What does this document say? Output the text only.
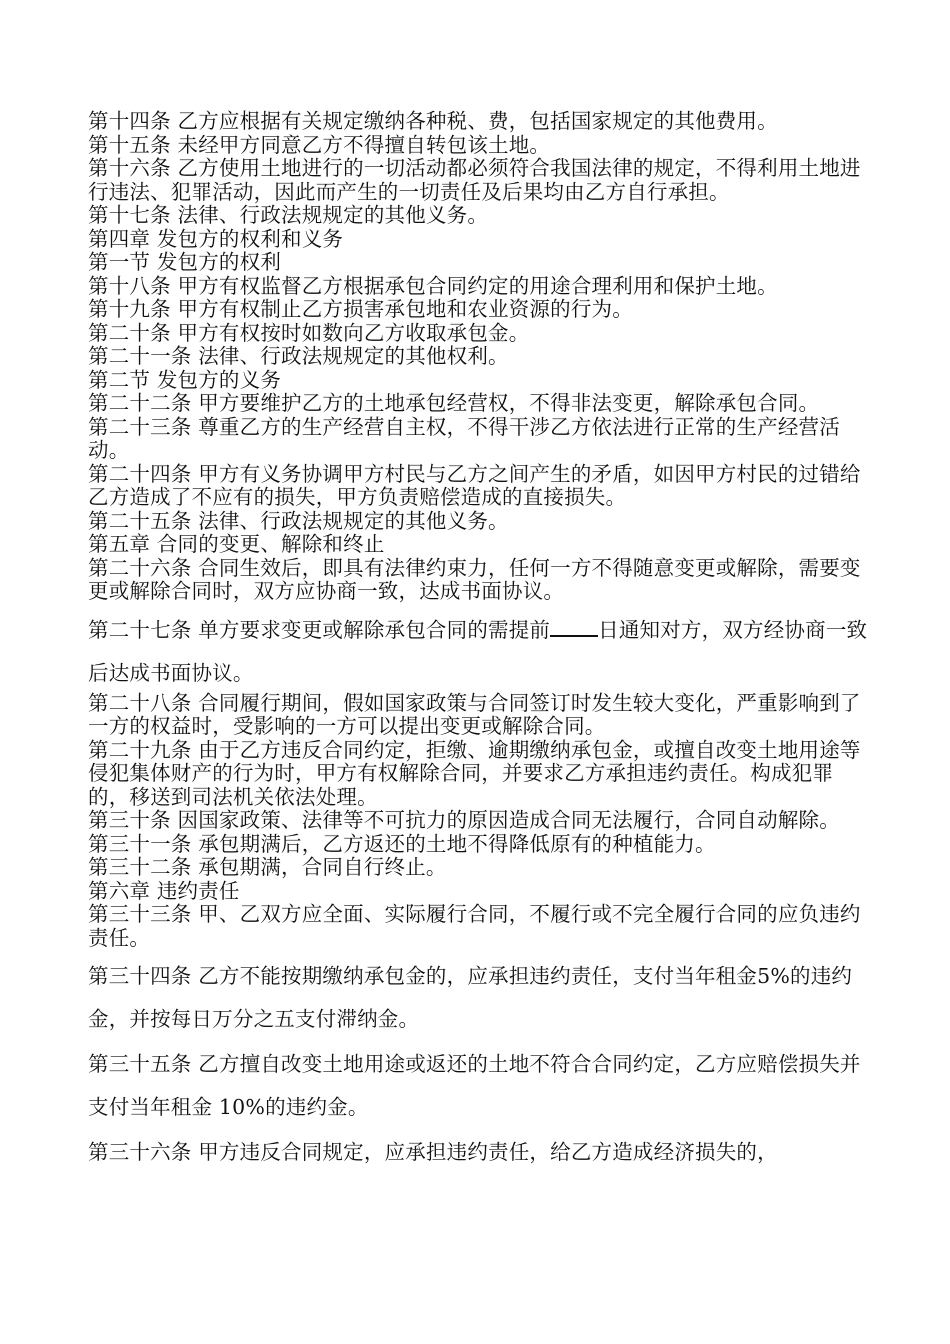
第十四条 乙方应根据有关规定缴纳各种税、费，包括国家规定的其他费用。

第十五条 未经甲方同意乙方不得擅自转包该土地。

第十六条 乙方使用土地进行的一切活动都必须符合我国法律的规定，不得利用土地进行违法、犯罪活动，因此而产生的一切责任及后果均由乙方自行承担。

第十七条 法律、行政法规规定的其他义务。

第四章 发包方的权利和义务

第一节 发包方的权利

第十八条 甲方有权监督乙方根据承包合同约定的用途合理利用和保护土地。

第十九条 甲方有权制止乙方损害承包地和农业资源的行为。

第二十条 甲方有权按时如数向乙方收取承包金。

第二十一条 法律、行政法规规定的其他权利。

第二节 发包方的义务

第二十二条 甲方要维护乙方的土地承包经营权，不得非法变更，解除承包合同。

第二十三条 尊重乙方的生产经营自主权，不得干涉乙方依法进行正常的生产经营活动。

第二十四条 甲方有义务协调甲方村民与乙方之间产生的矛盾，如因甲方村民的过错给乙方造成了不应有的损失，甲方负责赔偿造成的直接损失。

第二十五条 法律、行政法规规定的其他义务。

第五章 合同的变更、解除和终止

第二十六条 合同生效后，即具有法律约束力，任何一方不得随意变更或解除，需要变更或解除合同时，双方应协商一致，达成书面协议。

第二十七条 单方要求变更或解除承包合同的需提前 日通知对方，双方经协商一致后达成书面协议。

第二十八条 合同履行期间，假如国家政策与合同签订时发生较大变化，严重影响到了一方的权益时，受影响的一方可以提出变更或解除合同。

第二十九条 由于乙方违反合同约定，拒缴、逾期缴纳承包金，或擅自改变土地用途等侵犯集体财产的行为时，甲方有权解除合同，并要求乙方承担违约责任。构成犯罪的，移送到司法机关依法处理。

第三十条 因国家政策、法律等不可抗力的原因造成合同无法履行，合同自动解除。

第三十一条 承包期满后，乙方返还的土地不得降低原有的种植能力。

第三十二条 承包期满，合同自行终止。

第六章 违约责任

第三十三条 甲、乙双方应全面、实际履行合同，不履行或不完全履行合同的应负违约责任。

第三十四条 乙方不能按期缴纳承包金的，应承担违约责任，支付当年租金5%的违约金，并按每日万分之五支付滞纳金。

第三十五条 乙方擅自改变土地用途或返还的土地不符合合同约定，乙方应赔偿损失并支付当年租金 10%的违约金。

第三十六条 甲方违反合同规定，应承担违约责任，给乙方造成经济损失的，
